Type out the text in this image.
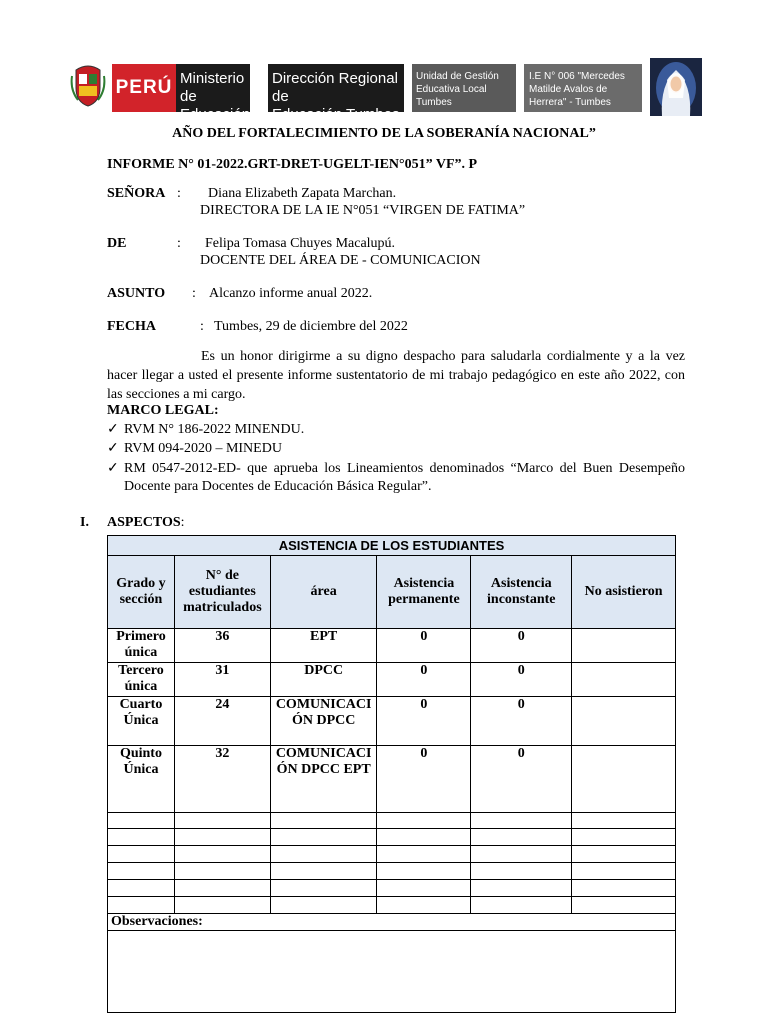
PERÚ Ministerio de
Educación
Dirección Regional de
Educación Tumbes
Unidad de Gestión
Educativa Local
Tumbes
I.E N° 006 "Mercedes
Matilde Avalos de
Herrera" - Tumbes
AÑO DEL FORTALECIMIENTO DE LA SOBERANÍA NACIONAL”
INFORME N° 01-2022.GRT-DRET-UGELT-IEN°051” VF”. P
SEÑORA : Diana Elizabeth Zapata Marchan.
DIRECTORA DE LA IE N°051 “VIRGEN DE FATIMA”
DE	: Felipa Tomasa Chuyes Macalupú.
DOCENTE DEL ÁREA DE - COMUNICACION
ASUNTO : Alcanzo informe anual 2022.
FECHA	: Tumbes, 29 de diciembre del 2022
Es un honor dirigirme a su digno despacho para saludarla cordialmente y a la vez hacer llegar a usted el presente informe sustentatorio de mi trabajo pedagógico en este año 2022, con las secciones a mi cargo.
MARCO LEGAL:
✓ RVM N° 186-2022 MINENDU.
✓ RVM 094-2020 – MINEDU
✓ RM 0547-2012-ED- que aprueba los Lineamientos denominados “Marco del Buen Desempeño Docente para Docentes de Educación Básica Regular”.
I. ASPECTOS:
ASISTENCIA DE LOS ESTUDIANTES					
Grado y sección	N° de estudiantes matriculados	área	Asistencia permanente	Asistencia inconstante	No asistieron
Primero única	36	EPT	0	0	
Tercero única	31	DPCC	0	0	
Cuarto Única	24	COMUNICACIÓN DPCC	0	0	
Quinto Única	32	COMUNICACIÓN DPCC EPT	0	0	

Observaciones:					
